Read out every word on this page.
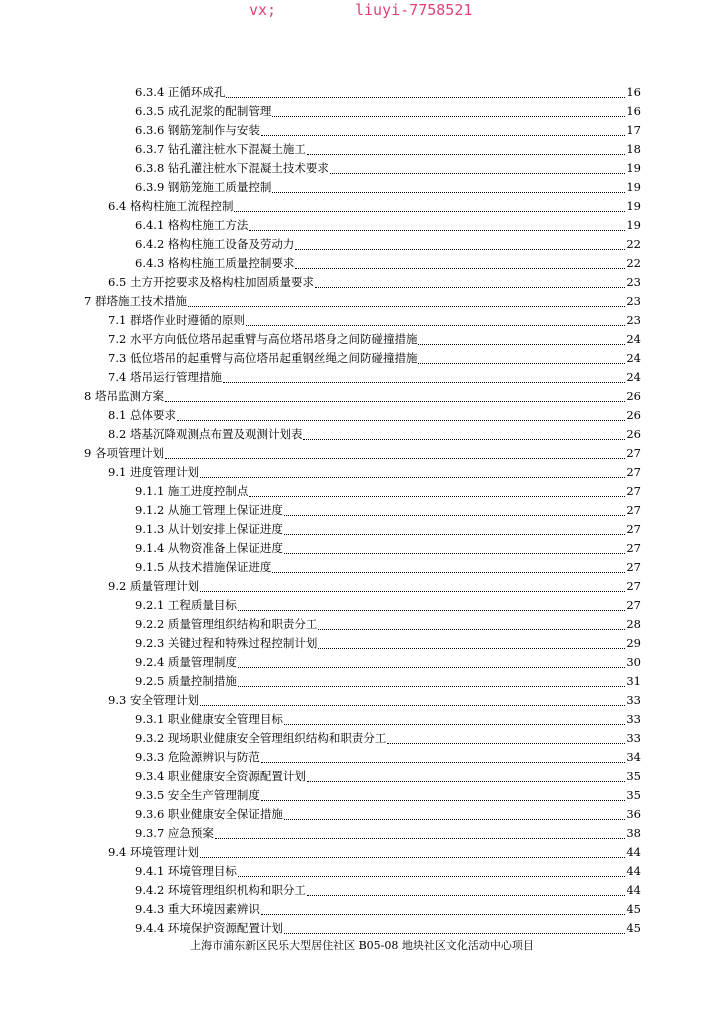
vx;	liuyi-7758521
6.3.4 正循环成孔	16
6.3.5 成孔泥浆的配制管理	16
6.3.6 钢筋笼制作与安装	17
6.3.7 钻孔灌注桩水下混凝土施工	18
6.3.8 钻孔灌注桩水下混凝土技术要求	19
6.3.9 钢筋笼施工质量控制	19
6.4 格构柱施工流程控制	19
6.4.1 格构柱施工方法	19
6.4.2 格构柱施工设备及劳动力	22
6.4.3 格构柱施工质量控制要求	22
6.5 土方开挖要求及格构柱加固质量要求	23
7 群塔施工技术措施	23
7.1 群塔作业时遵循的原则	23
7.2 水平方向低位塔吊起重臂与高位塔吊塔身之间防碰撞措施	24
7.3 低位塔吊的起重臂与高位塔吊起重钢丝绳之间防碰撞措施	24
7.4 塔吊运行管理措施	24
8 塔吊监测方案	26
8.1 总体要求	26
8.2 塔基沉降观测点布置及观测计划表	26
9 各项管理计划	27
9.1 进度管理计划	27
9.1.1 施工进度控制点	27
9.1.2 从施工管理上保证进度	27
9.1.3 从计划安排上保证进度	27
9.1.4 从物资准备上保证进度	27
9.1.5 从技术措施保证进度	27
9.2 质量管理计划	27
9.2.1 工程质量目标	27
9.2.2 质量管理组织结构和职责分工	28
9.2.3 关键过程和特殊过程控制计划	29
9.2.4 质量管理制度	30
9.2.5 质量控制措施	31
9.3 安全管理计划	33
9.3.1 职业健康安全管理目标	33
9.3.2 现场职业健康安全管理组织结构和职责分工	33
9.3.3 危险源辨识与防范	34
9.3.4 职业健康安全资源配置计划	35
9.3.5 安全生产管理制度	35
9.3.6 职业健康安全保证措施	36
9.3.7 应急预案	38
9.4 环境管理计划	44
9.4.1 环境管理目标	44
9.4.2 环境管理组织机构和职分工	44
9.4.3 重大环境因素辨识	45
9.4.4 环境保护资源配置计划	45
上海市浦东新区民乐大型居住社区 B05-08 地块社区文化活动中心项目
